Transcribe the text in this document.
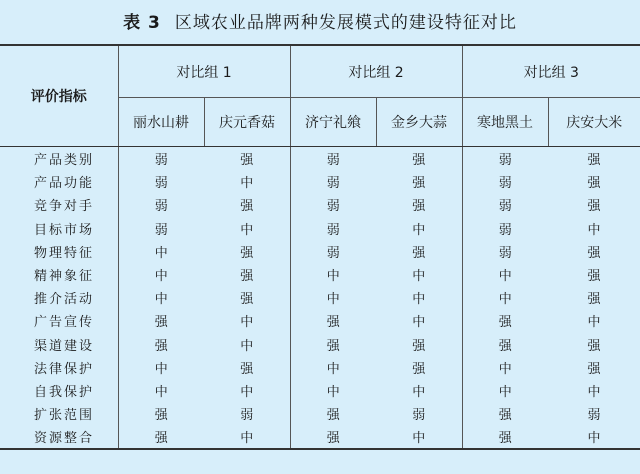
表 3 区域农业品牌两种发展模式的建设特征对比
评价指标	对比组 1		对比组 2		对比组 3	
	丽水山耕	庆元香菇	济宁礼飨	金乡大蒜	寒地黑土	庆安大米
产品类别	弱	强	弱	强	弱	强
产品功能	弱	中	弱	强	弱	强
竞争对手	弱	强	弱	强	弱	强
目标市场	弱	中	弱	中	弱	中
物理特征	中	强	弱	强	弱	强
精神象征	中	强	中	中	中	强
推介活动	中	强	中	中	中	强
广告宣传	强	中	强	中	强	中
渠道建设	强	中	强	强	强	强
法律保护	中	强	中	强	中	强
自我保护	中	中	中	中	中	中
扩张范围	强	弱	强	弱	强	弱
资源整合	强	中	强	中	强	中
